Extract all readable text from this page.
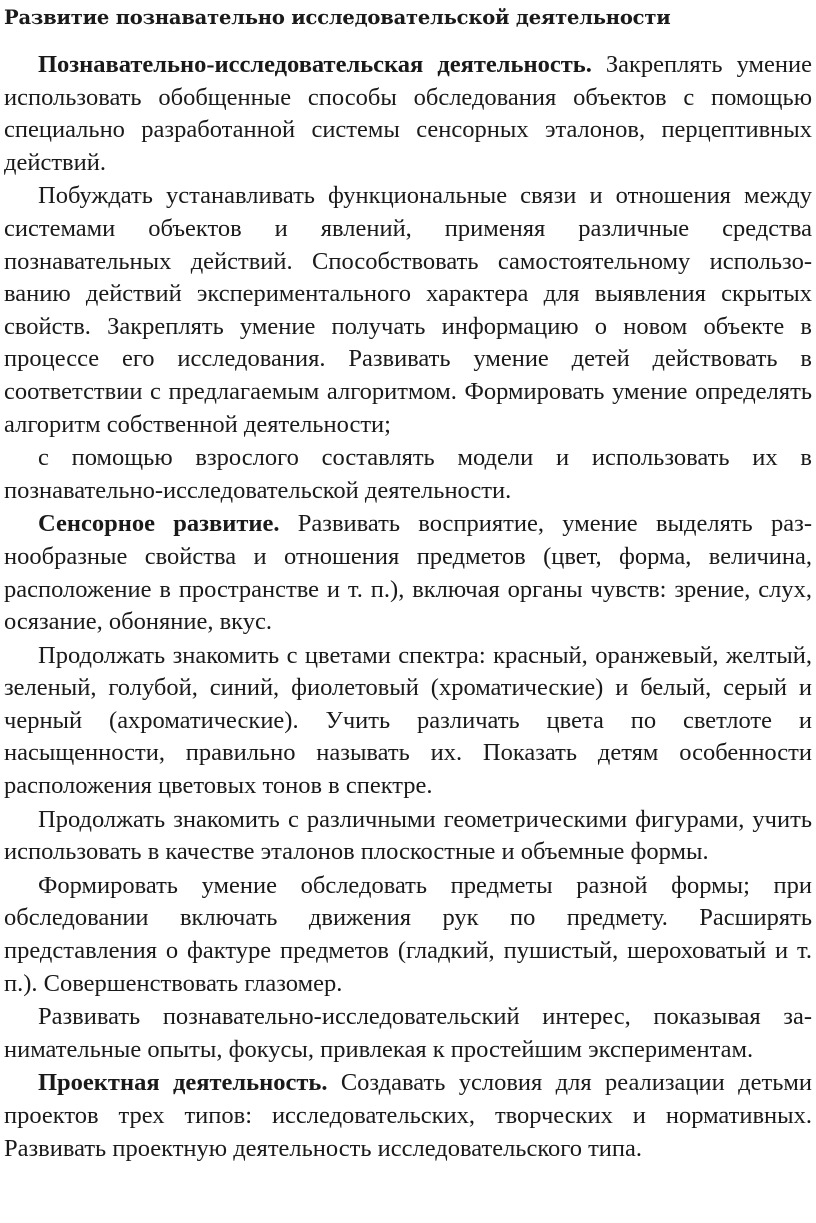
Развитие познавательно исследовательской деятельности

Познавательно-исследовательская деятельность. Закреплять умение использовать обобщенные способы обследования объектов с помощью специально разработанной системы сенсорных эталонов, перцептивных действий.

Побуждать устанавливать функциональные связи и отношения между системами объектов и явлений, применяя различные средства познавательных действий. Способствовать самостоятельному использованию действий экспериментального характера для выявления скрытых свойств. Закреплять умение получать информацию о новом объекте в процессе его исследования. Развивать умение детей действовать в соответствии с предлагаемым алгоритмом. Формировать умение определять алгоритм собственной деятельности;

с помощью взрослого составлять модели и использовать их в познавательно-исследовательской деятельности.

Сенсорное развитие. Развивать восприятие, умение выделять разнообразные свойства и отношения предметов (цвет, форма, величина, расположение в пространстве и т. п.), включая органы чувств: зрение, слух, осязание, обоняние, вкус.

Продолжать знакомить с цветами спектра: красный, оранжевый, желтый, зеленый, голубой, синий, фиолетовый (хроматические) и белый, серый и черный (ахроматические). Учить различать цвета по светлоте и насыщенности, правильно называть их. Показать детям особенности расположения цветовых тонов в спектре.

Продолжать знакомить с различными геометрическими фигурами, учить использовать в качестве эталонов плоскостные и объемные формы.

Формировать умение обследовать предметы разной формы; при обследовании включать движения рук по предмету. Расширять представления о фактуре предметов (гладкий, пушистый, шероховатый и т. п.). Совершенствовать глазомер.

Развивать познавательно-исследовательский интерес, показывая занимательные опыты, фокусы, привлекая к простейшим экспериментам.

Проектная деятельность. Создавать условия для реализации детьми проектов трех типов: исследовательских, творческих и нормативных. Развивать проектную деятельность исследовательского типа.
